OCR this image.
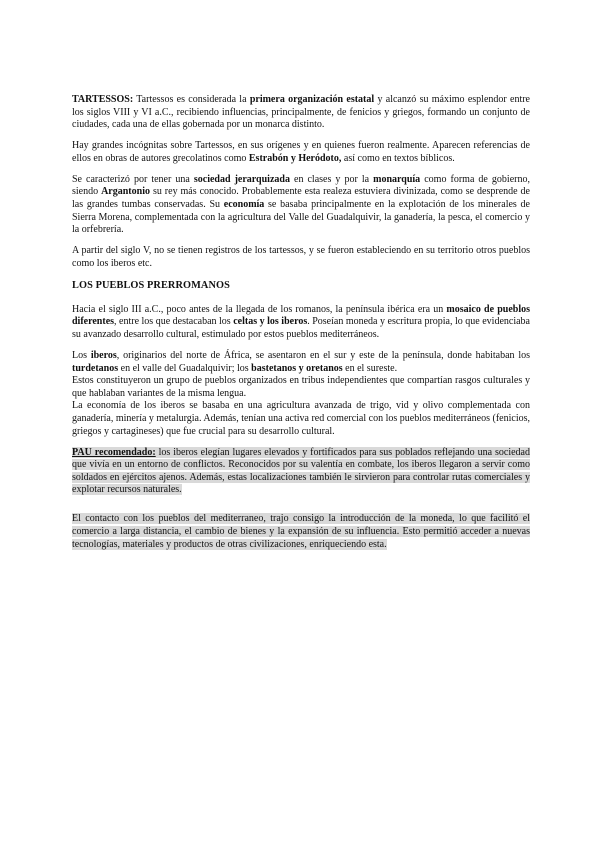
TARTESSOS: Tartessos es considerada la primera organización estatal y alcanzó su máximo esplendor entre los siglos VIII y VI a.C., recibiendo influencias, principalmente, de fenicios y griegos, formando un conjunto de ciudades, cada una de ellas gobernada por un monarca distinto.

Hay grandes incógnitas sobre Tartessos, en sus orígenes y en quienes fueron realmente. Aparecen referencias de ellos en obras de autores grecolatinos como Estrabón y Heródoto, así como en textos bíblicos.

Se caracterizó por tener una sociedad jerarquizada en clases y por la monarquía como forma de gobierno, siendo Argantonio su rey más conocido. Probablemente esta realeza estuviera divinizada, como se desprende de las grandes tumbas conservadas. Su economía se basaba principalmente en la explotación de los minerales de Sierra Morena, complementada con la agricultura del Valle del Guadalquivir, la ganadería, la pesca, el comercio y la orfebrería.

A partir del siglo V, no se tienen registros de los tartessos, y se fueron estableciendo en su territorio otros pueblos como los iberos etc.

LOS PUEBLOS PRERROMANOS

Hacia el siglo III a.C., poco antes de la llegada de los romanos, la península ibérica era un mosaico de pueblos diferentes, entre los que destacaban los celtas y los iberos. Poseían moneda y escritura propia, lo que evidenciaba su avanzado desarrollo cultural, estimulado por estos pueblos mediterráneos.

Los iberos, originarios del norte de África, se asentaron en el sur y este de la península, donde habitaban los turdetanos en el valle del Guadalquivir; los bastetanos y oretanos en el sureste.

Estos constituyeron un grupo de pueblos organizados en tribus independientes que compartían rasgos culturales y que hablaban variantes de la misma lengua.

La economía de los iberos se basaba en una agricultura avanzada de trigo, vid y olivo complementada con ganadería, minería y metalurgia. Además, tenían una activa red comercial con los pueblos mediterráneos (fenicios, griegos y cartagineses) que fue crucial para su desarrollo cultural.

PAU recomendado: los iberos elegían lugares elevados y fortificados para sus poblados reflejando una sociedad que vivía en un entorno de conflictos. Reconocidos por su valentía en combate, los iberos llegaron a servir como soldados en ejércitos ajenos. Además, estas localizaciones también le sirvieron para controlar rutas comerciales y explotar recursos naturales.

El contacto con los pueblos del mediterraneo, trajo consigo la introducción de la moneda, lo que facilitó el comercio a larga distancia, el cambio de bienes y la expansión de su influencia. Esto permitió acceder a nuevas tecnologías, materiales y productos de otras civilizaciones, enriqueciendo esta.
